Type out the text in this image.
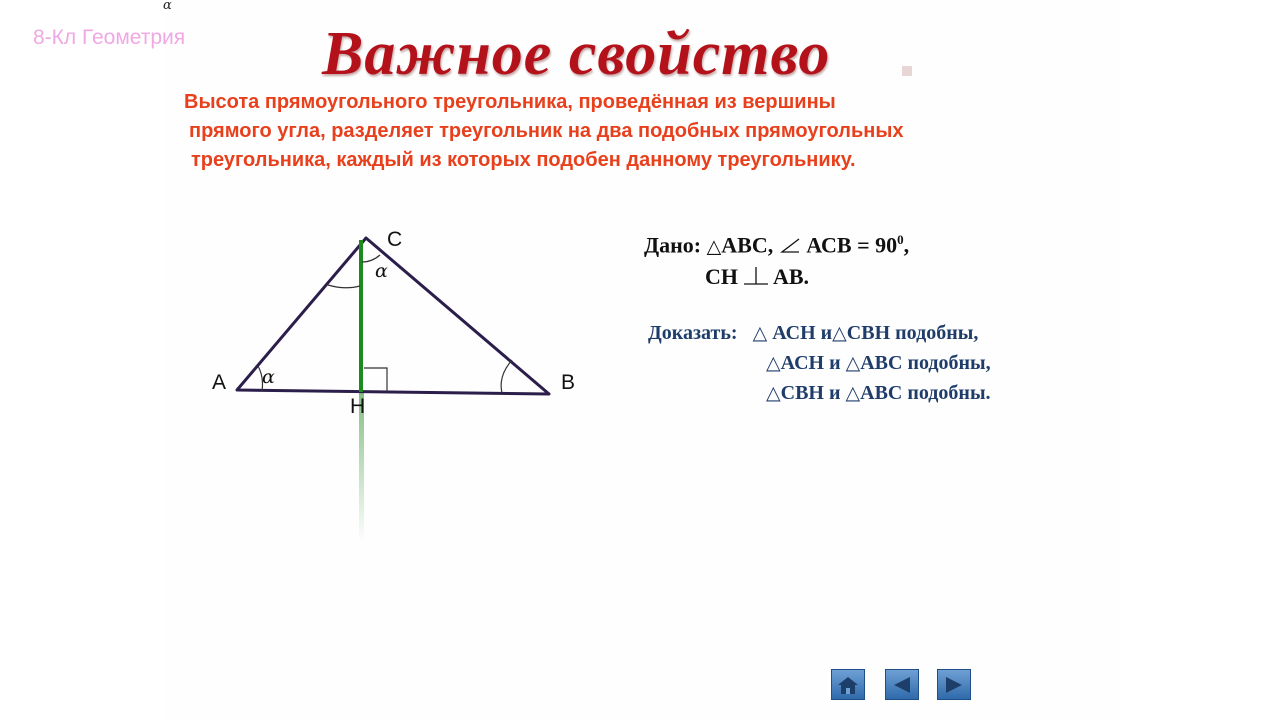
α
8-Кл Геометрия Важное свойство
Высота прямоугольного треугольника, проведённая из вершины
прямого угла, разделяет треугольник на два подобных прямоугольных
треугольника, каждый из которых подобен данному треугольнику.
A	B
C
H
α
α
Дано: △АВС, АСВ = $90^0$,
СН АВ.
Доказать: △ АСН и△СВН подобны,
△АСН и △АВС подобны,
△СВН и △АВС подобны.
